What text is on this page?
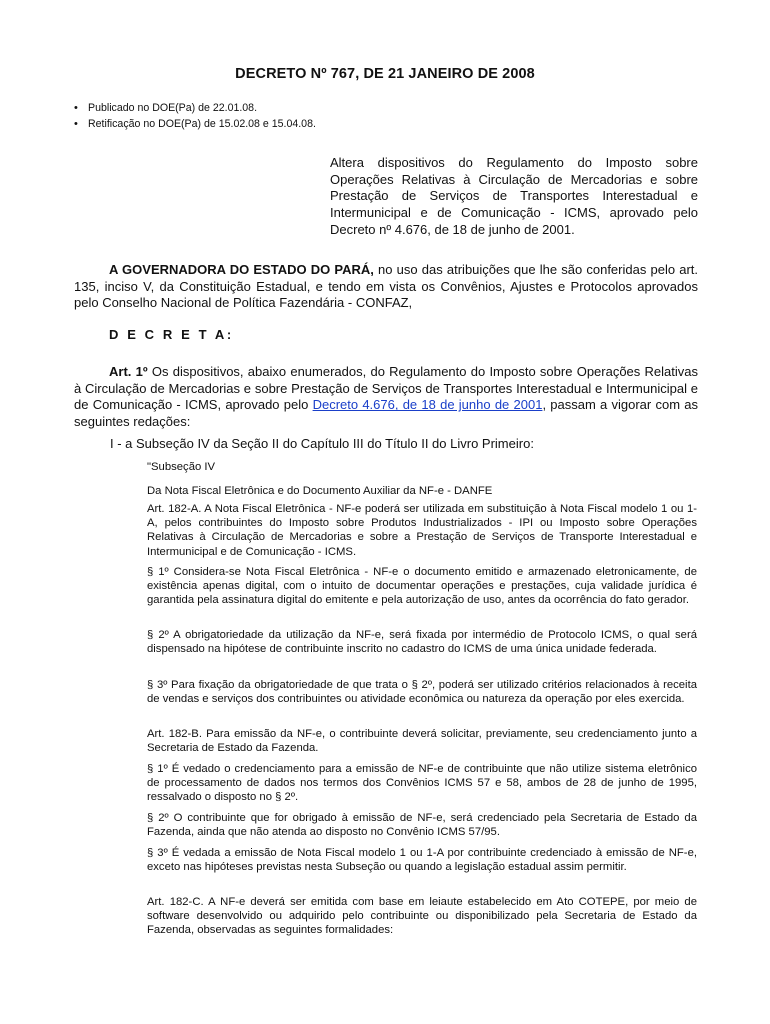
DECRETO Nº 767, DE 21 JANEIRO DE 2008
• Publicado no DOE(Pa) de 22.01.08.
• Retificação no DOE(Pa) de 15.02.08 e 15.04.08.
Altera dispositivos do Regulamento do Imposto sobre Operações Relativas à Circulação de Mercadorias e sobre Prestação de Serviços de Transportes Interestadual e Intermunicipal e de Comunicação - ICMS, aprovado pelo Decreto nº 4.676, de 18 de junho de 2001.
A GOVERNADORA DO ESTADO DO PARÁ, no uso das atribuições que lhe são conferidas pelo art. 135, inciso V, da Constituição Estadual, e tendo em vista os Convênios, Ajustes e Protocolos aprovados pelo Conselho Nacional de Política Fazendária - CONFAZ,
D E C R E T A:
Art. 1º Os dispositivos, abaixo enumerados, do Regulamento do Imposto sobre Operações Relativas à Circulação de Mercadorias e sobre Prestação de Serviços de Transportes Interestadual e Intermunicipal e de Comunicação - ICMS, aprovado pelo Decreto 4.676, de 18 de junho de 2001, passam a vigorar com as seguintes redações:
I - a Subseção IV da Seção II do Capítulo III do Título II do Livro Primeiro:

"Subseção IV

Da Nota Fiscal Eletrônica e do Documento Auxiliar da NF-e - DANFE

Art. 182-A. A Nota Fiscal Eletrônica - NF-e poderá ser utilizada em substituição à Nota Fiscal modelo 1 ou 1-A, pelos contribuintes do Imposto sobre Produtos Industrializados - IPI ou Imposto sobre Operações Relativas à Circulação de Mercadorias e sobre a Prestação de Serviços de Transporte Interestadual e Intermunicipal e de Comunicação - ICMS.

§ 1º Considera-se Nota Fiscal Eletrônica - NF-e o documento emitido e armazenado eletronicamente, de existência apenas digital, com o intuito de documentar operações e prestações, cuja validade jurídica é garantida pela assinatura digital do emitente e pela autorização de uso, antes da ocorrência do fato gerador.

§ 2º A obrigatoriedade da utilização da NF-e, será fixada por intermédio de Protocolo ICMS, o qual será dispensado na hipótese de contribuinte inscrito no cadastro do ICMS de uma única unidade federada.

§ 3º Para fixação da obrigatoriedade de que trata o § 2º, poderá ser utilizado critérios relacionados à receita de vendas e serviços dos contribuintes ou atividade econômica ou natureza da operação por eles exercida.

Art. 182-B. Para emissão da NF-e, o contribuinte deverá solicitar, previamente, seu credenciamento junto a Secretaria de Estado da Fazenda.

§ 1º É vedado o credenciamento para a emissão de NF-e de contribuinte que não utilize sistema eletrônico de processamento de dados nos termos dos Convênios ICMS 57 e 58, ambos de 28 de junho de 1995, ressalvado o disposto no § 2º.

§ 2º O contribuinte que for obrigado à emissão de NF-e, será credenciado pela Secretaria de Estado da Fazenda, ainda que não atenda ao disposto no Convênio ICMS 57/95.

§ 3º É vedada a emissão de Nota Fiscal modelo 1 ou 1-A por contribuinte credenciado à emissão de NF-e, exceto nas hipóteses previstas nesta Subseção ou quando a legislação estadual assim permitir.

Art. 182-C. A NF-e deverá ser emitida com base em leiaute estabelecido em Ato COTEPE, por meio de software desenvolvido ou adquirido pelo contribuinte ou disponibilizado pela Secretaria de Estado da Fazenda, observadas as seguintes formalidades:
